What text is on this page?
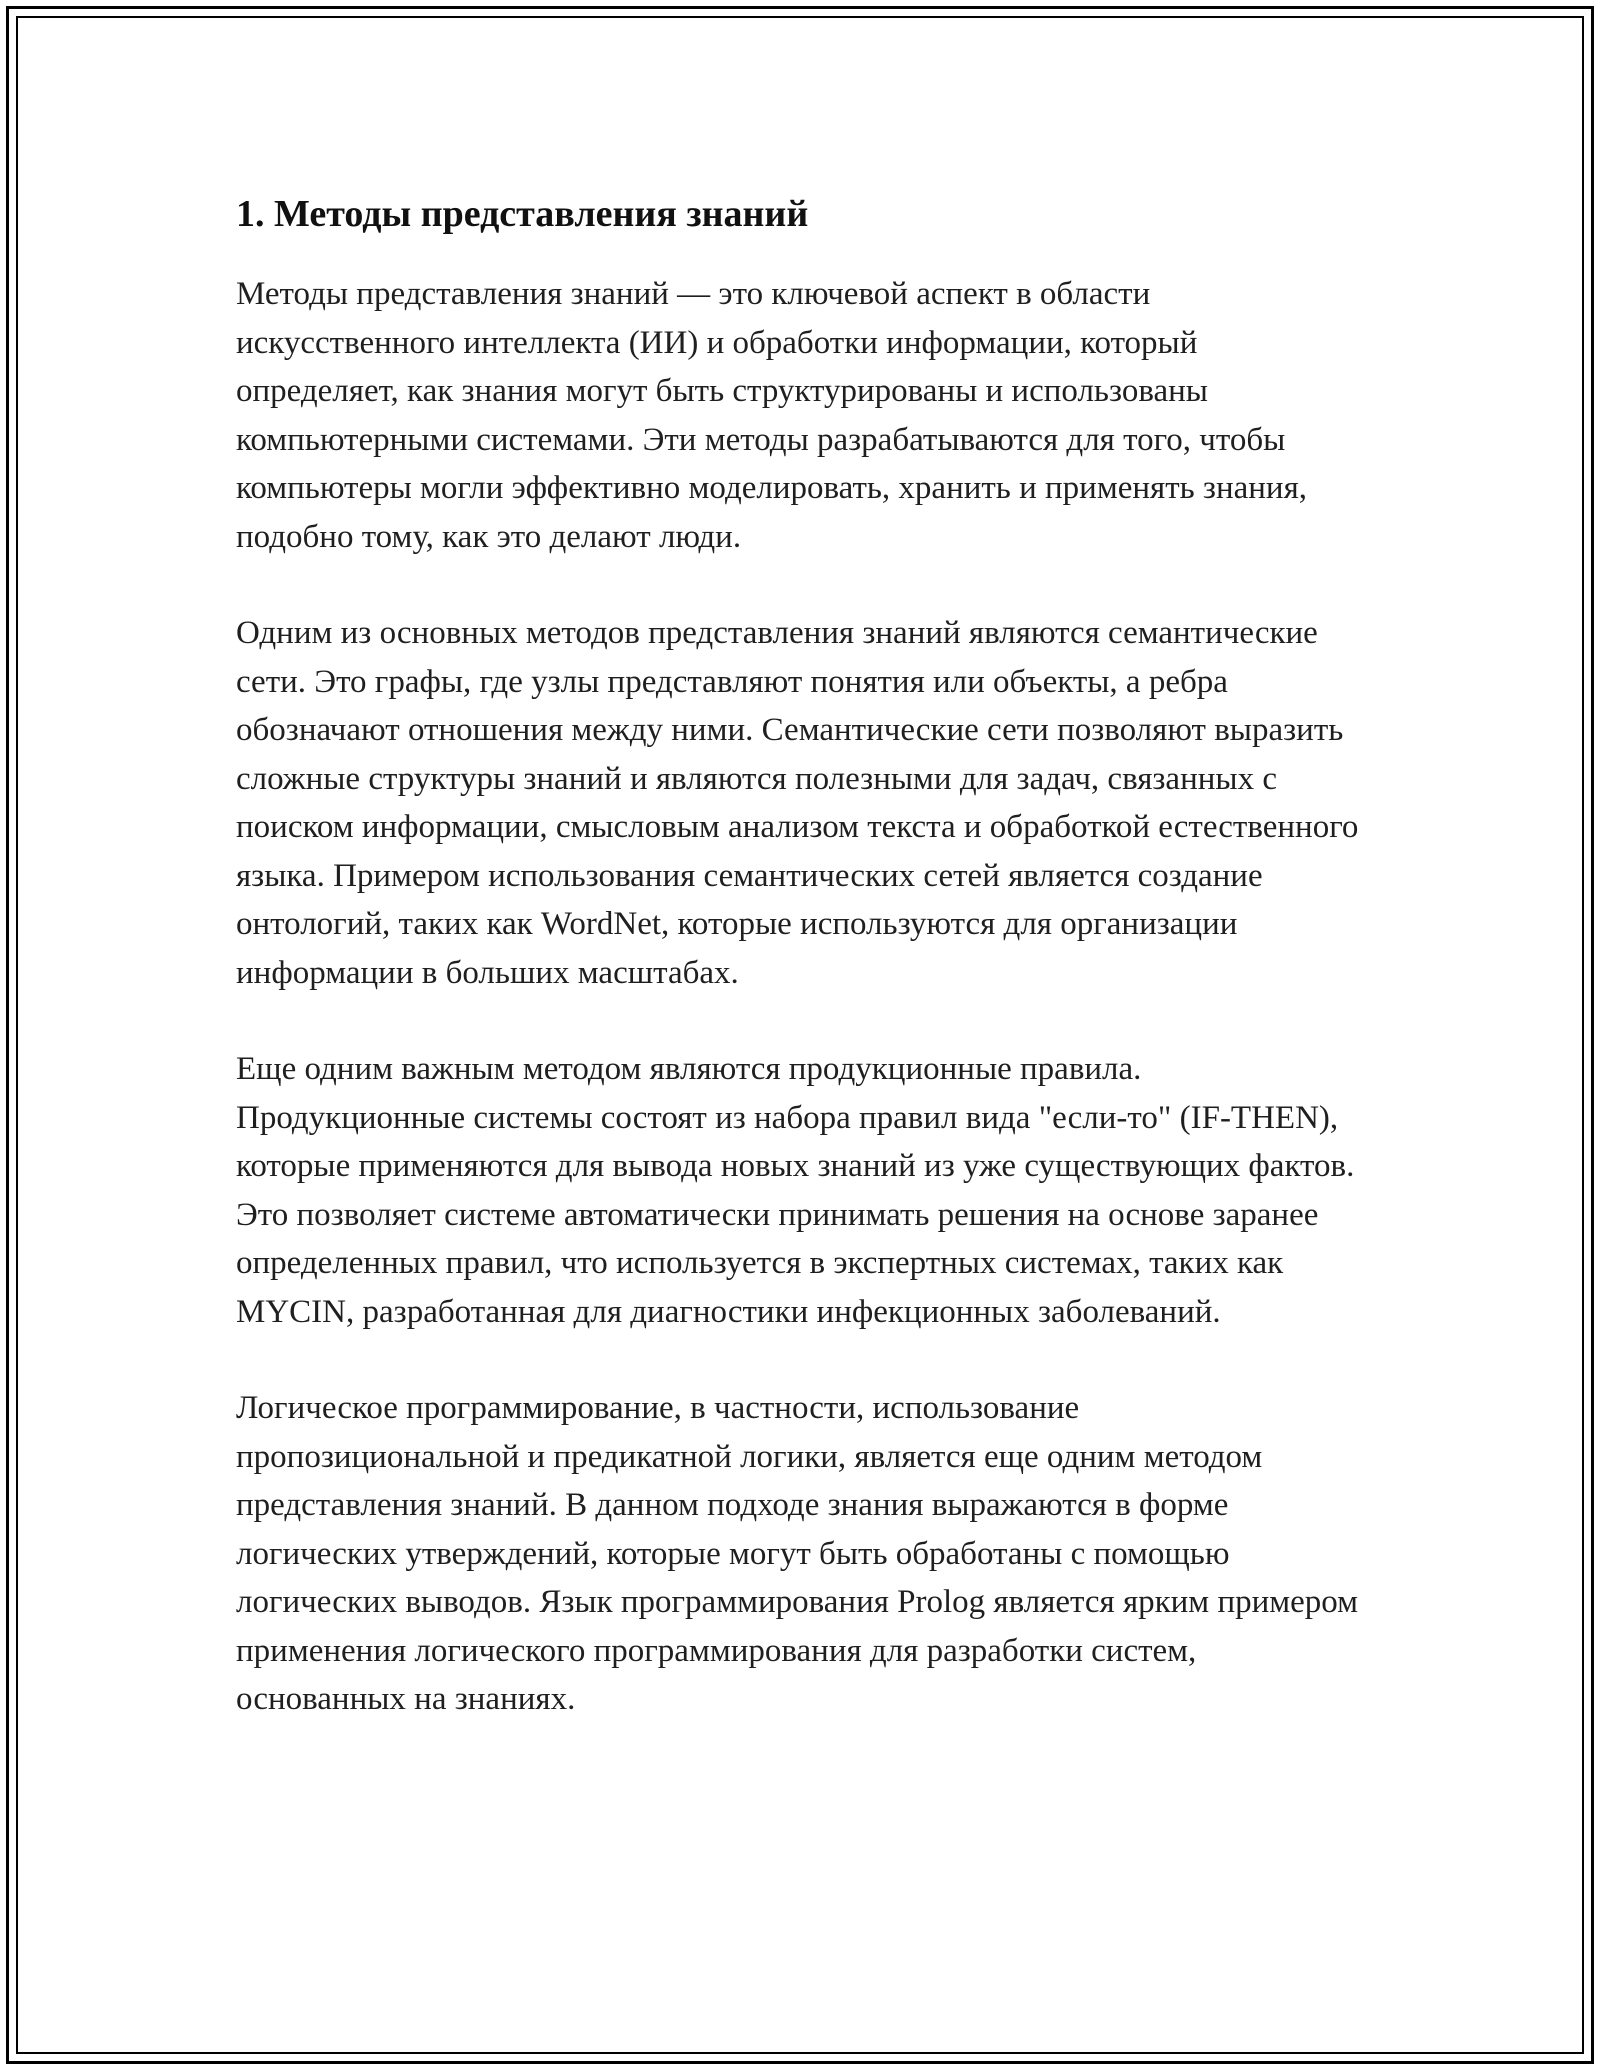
1. Методы представления знаний

Методы представления знаний — это ключевой аспект в области искусственного интеллекта (ИИ) и обработки информации, который определяет, как знания могут быть структурированы и использованы компьютерными системами. Эти методы разрабатываются для того, чтобы компьютеры могли эффективно моделировать, хранить и применять знания, подобно тому, как это делают люди.

Одним из основных методов представления знаний являются семантические сети. Это графы, где узлы представляют понятия или объекты, а ребра обозначают отношения между ними. Семантические сети позволяют выразить сложные структуры знаний и являются полезными для задач, связанных с поиском информации, смысловым анализом текста и обработкой естественного языка. Примером использования семантических сетей является создание онтологий, таких как WordNet, которые используются для организации информации в больших масштабах.

Еще одним важным методом являются продукционные правила. Продукционные системы состоят из набора правил вида "если-то" (IF-THEN), которые применяются для вывода новых знаний из уже существующих фактов. Это позволяет системе автоматически принимать решения на основе заранее определенных правил, что используется в экспертных системах, таких как MYCIN, разработанная для диагностики инфекционных заболеваний.

Логическое программирование, в частности, использование пропозициональной и предикатной логики, является еще одним методом представления знаний. В данном подходе знания выражаются в форме логических утверждений, которые могут быть обработаны с помощью логических выводов. Язык программирования Prolog является ярким примером применения логического программирования для разработки систем, основанных на знаниях.
